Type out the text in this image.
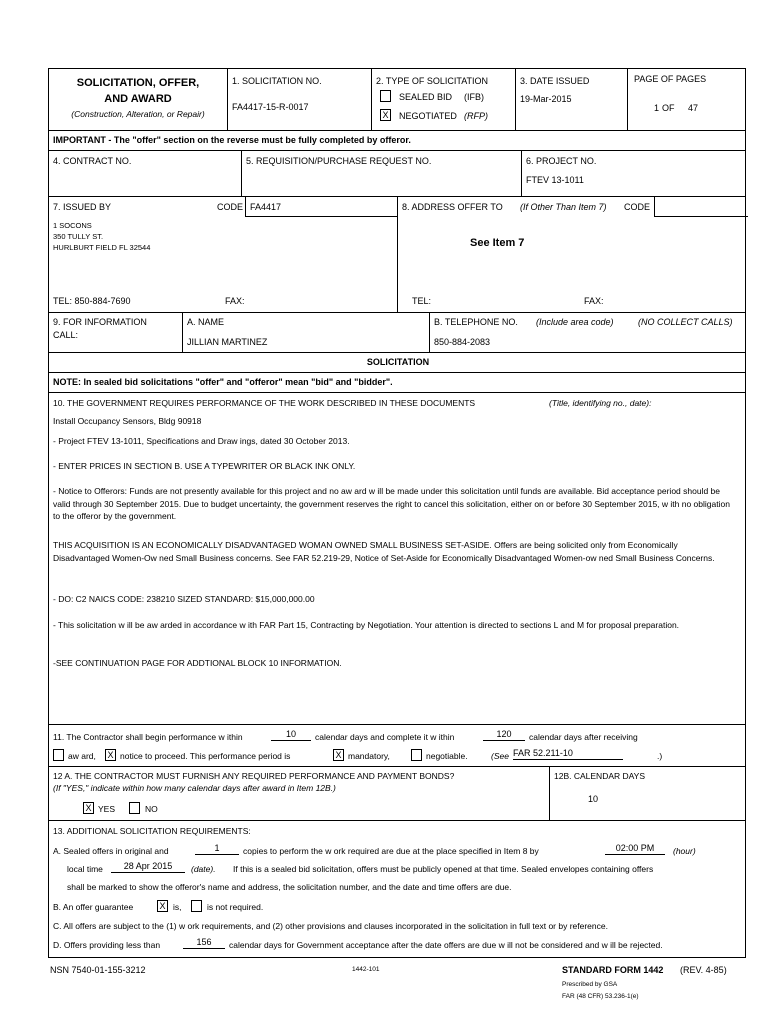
SOLICITATION, OFFER,
AND AWARD
(Construction, Alteration, or Repair)
1. SOLICITATION NO.
FA4417-15-R-0017
2. TYPE OF SOLICITATION
SEALED BID (IFB)
X NEGOTIATED (RFP)
3. DATE ISSUED
19-Mar-2015
PAGE OF PAGES
1 OF 47
IMPORTANT - The "offer" section on the reverse must be fully completed by offeror.
4. CONTRACT NO.	5. REQUISITION/PURCHASE REQUEST NO.	6. PROJECT NO.
FTEV 13-1011
7. ISSUED BY	CODE FA4417
1 SOCONS
350 TULLY ST.
HURLBURT FIELD FL 32544
TEL: 850-884-7690	FAX:
8. ADDRESS OFFER TO (If Other Than Item 7) CODE
See Item 7
TEL:	FAX:
9. FOR INFORMATION
CALL:
A. NAME
JILLIAN MARTINEZ
B. TELEPHONE NO. (Include area code)	(NO COLLECT CALLS)
850-884-2083
SOLICITATION
NOTE: In sealed bid solicitations "offer" and "offeror" mean "bid" and "bidder".
10. THE GOVERNMENT REQUIRES PERFORMANCE OF THE WORK DESCRIBED IN THESE DOCUMENTS	(Title, identifying no., date):
Install Occupancy Sensors, Bldg 90918
- Project FTEV 13-1011, Specifications and Draw ings, dated 30 October 2013.
- ENTER PRICES IN SECTION B. USE A TYPEWRITER OR BLACK INK ONLY.
- Notice to Offerors: Funds are not presently available for this project and no aw ard w ill be made under this solicitation until funds are available. Bid acceptance period should be valid through 30 September 2015. Due to budget uncertainty, the government reserves the right to cancel this solicitation, either on or before 30 September 2015, w ith no obligation to the offeror by the government.
THIS ACQUISITION IS AN ECONOMICALLY DISADVANTAGED WOMAN OWNED SMALL BUSINESS SET-ASIDE. Offers are being solicited only from Economically Disadvantaged Women-Ow ned Small Business concerns. See FAR 52.219-29, Notice of Set-Aside for Economically Disadvantaged Women-ow ned Small Business Concerns.
- DO: C2 NAICS CODE: 238210 SIZED STANDARD: $15,000,000.00
- This solicitation w ill be aw arded in accordance w ith FAR Part 15, Contracting by Negotiation. Your attention is directed to sections L and M for proposal preparation.
-SEE CONTINUATION PAGE FOR ADDTIONAL BLOCK 10 INFORMATION.
11. The Contractor shall begin performance w ithin	10	calendar days and complete it w ithin	120	calendar days after receiving
aw ard, X notice to proceed. This performance period is	X mandatory,	negotiable.	(See FAR 52.211-10	.)
12 A. THE CONTRACTOR MUST FURNISH ANY REQUIRED PERFORMANCE AND PAYMENT BONDS?
(If "YES," indicate within how many calendar days after award in Item 12B.)
X YES	NO
12B. CALENDAR DAYS
10
13. ADDITIONAL SOLICITATION REQUIREMENTS:
A. Sealed offers in original and	1	copies to perform the w ork required are due at the place specified in Item 8 by	02:00 PM	(hour)
local time	28 Apr 2015	(date). If this is a sealed bid solicitation, offers must be publicly opened at that time. Sealed envelopes containing offers
shall be marked to show the offeror's name and address, the solicitation number, and the date and time offers are due.
B. An offer guarantee	X is,	is not required.
C. All offers are subject to the (1) w ork requirements, and (2) other provisions and clauses incorporated in the solicitation in full text or by reference.
D. Offers providing less than	156	calendar days for Government acceptance after the date offers are due w ill not be considered and w ill be rejected.
NSN 7540-01-155-3212	1442-101	STANDARD FORM 1442 (REV. 4-85)
Prescribed by GSA
FAR (48 CFR) 53.236-1(e)
